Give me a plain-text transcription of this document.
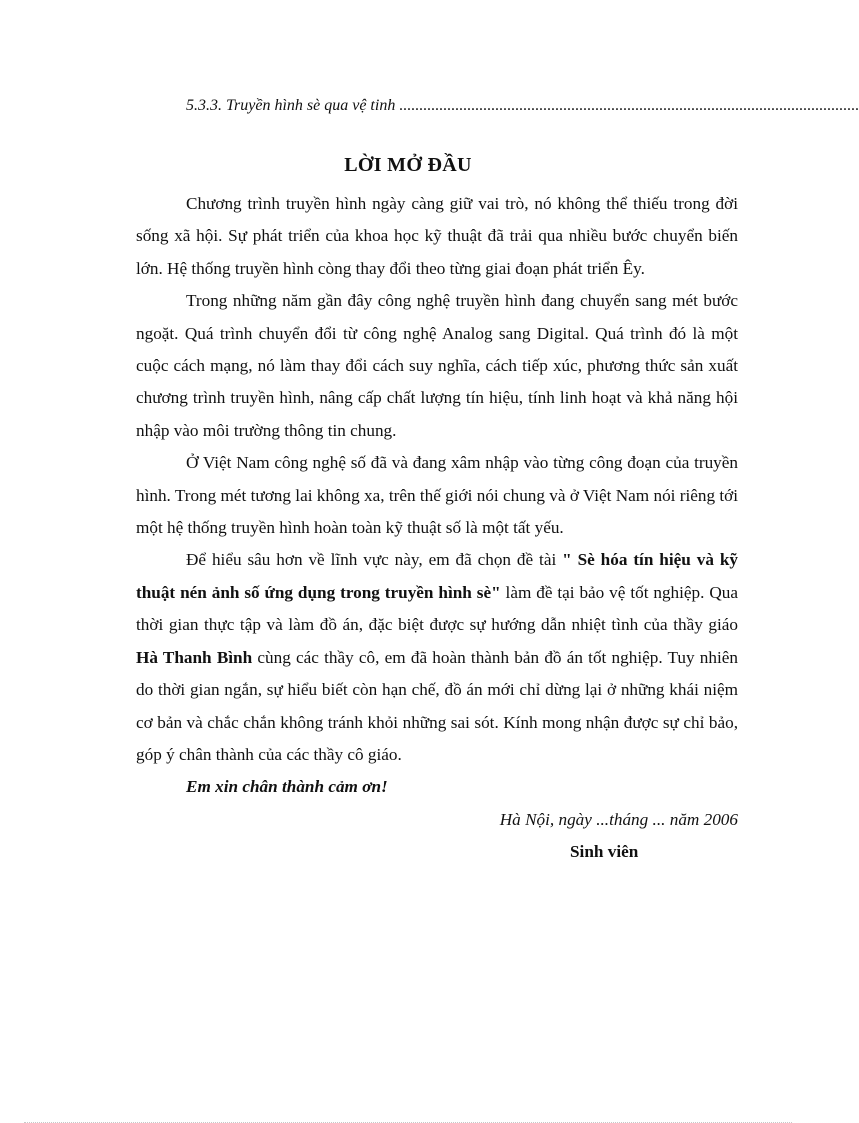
5.3.3. Truyền hình sè qua vệ tinh ...................................................................................................................
LỜI MỞ ĐẦU

Chương trình truyền hình ngày càng giữ vai trò, nó không thể thiếu trong đời sống xã hội. Sự phát triển của khoa học kỹ thuật đã trải qua nhiều bước chuyển biến lớn. Hệ thống truyền hình còng thay đổi theo từng giai đoạn phát triển Êy.

Trong những năm gần đây công nghệ truyền hình đang chuyển sang mét bước ngoặt. Quá trình chuyển đổi từ công nghệ Analog sang Digital. Quá trình đó là một cuộc cách mạng, nó làm thay đổi cách suy nghĩa, cách tiếp xúc, phương thức sản xuất chương trình truyền hình, nâng cấp chất lượng tín hiệu, tính linh hoạt và khả năng hội nhập vào môi trường thông tin chung.

Ở Việt Nam công nghệ số đã và đang xâm nhập vào từng công đoạn của truyền hình. Trong mét tương lai không xa, trên thế giới nói chung và ở Việt Nam nói riêng tới một hệ thống truyền hình hoàn toàn kỹ thuật số là một tất yếu.

Để hiểu sâu hơn về lĩnh vực này, em đã chọn đề tài " Sè hóa tín hiệu và kỹ thuật nén ảnh số ứng dụng trong truyền hình sè" làm đề tại bảo vệ tốt nghiệp. Qua thời gian thực tập và làm đồ án, đặc biệt được sự hướng dẫn nhiệt tình của thầy giáo Hà Thanh Bình cùng các thầy cô, em đã hoàn thành bản đồ án tốt nghiệp. Tuy nhiên do thời gian ngắn, sự hiểu biết còn hạn chế, đồ án mới chỉ dừng lại ở những khái niệm cơ bản và chắc chắn không tránh khỏi những sai sót. Kính mong nhận được sự chỉ bảo, góp ý chân thành của các thầy cô giáo.

Em xin chân thành cảm ơn!

Hà Nội, ngày ...tháng ... năm 2006

Sinh viên
